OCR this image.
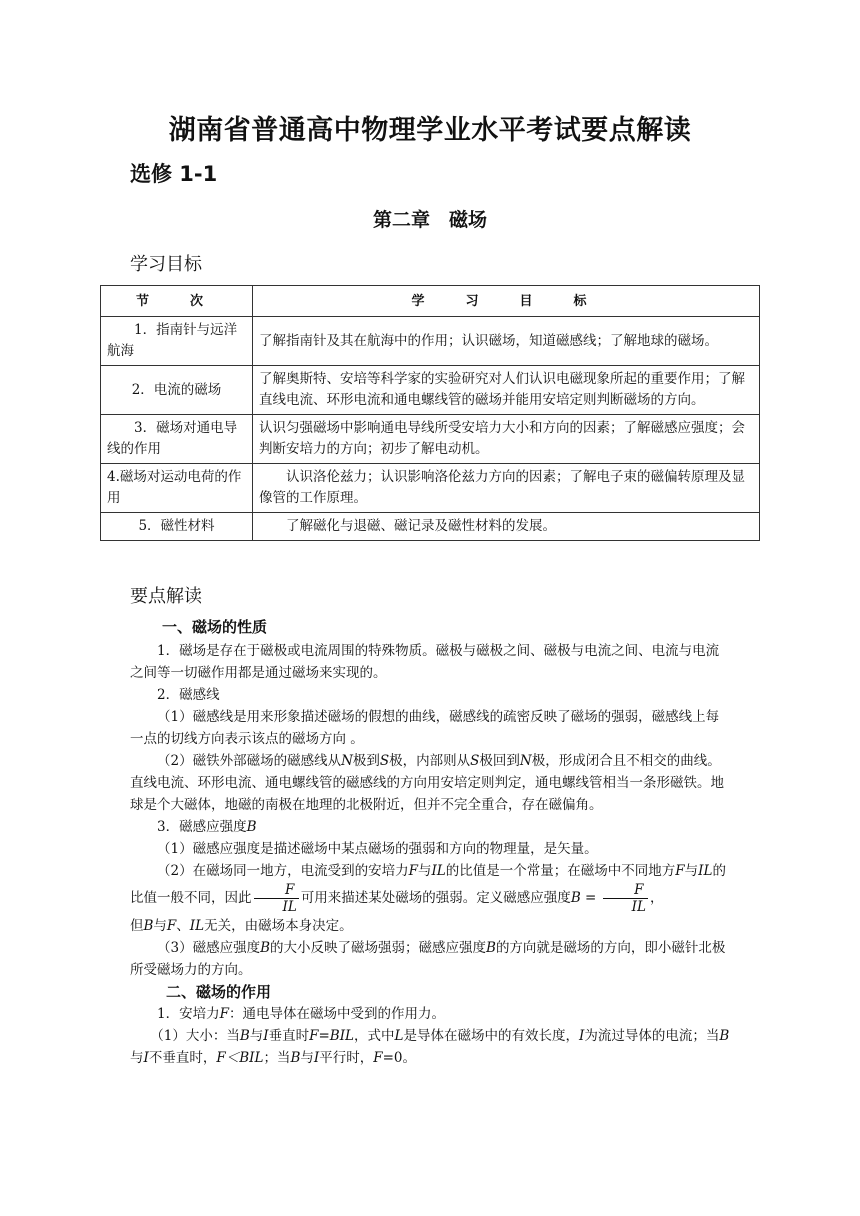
湖南省普通高中物理学业水平考试要点解读
选修 1-1
第二章　磁场
学习目标
节　次	学　习　目　标
1．指南针与远洋航海	了解指南针及其在航海中的作用；认识磁场，知道磁感线；了解地球的磁场。
2．电流的磁场	了解奥斯特、安培等科学家的实验研究对人们认识电磁现象所起的重要作用；了解直线电流、环形电流和通电螺线管的磁场并能用安培定则判断磁场的方向。
3．磁场对通电导线的作用	认识匀强磁场中影响通电导线所受安培力大小和方向的因素；了解磁感应强度；会判断安培力的方向；初步了解电动机。
4.磁场对运动电荷的作用	认识洛伦兹力；认识影响洛伦兹力方向的因素；了解电子束的磁偏转原理及显像管的工作原理。
5．磁性材料	了解磁化与退磁、磁记录及磁性材料的发展。
要点解读

一、磁场的性质

1．磁场是存在于磁极或电流周围的特殊物质。磁极与磁极之间、磁极与电流之间、电流与电流之间等一切磁作用都是通过磁场来实现的。

2．磁感线

（1）磁感线是用来形象描述磁场的假想的曲线，磁感线的疏密反映了磁场的强弱，磁感线上每一点的切线方向表示该点的磁场方向 。

（2）磁铁外部磁场的磁感线从N极到S极，内部则从S极回到N极，形成闭合且不相交的曲线。直线电流、环形电流、通电螺线管的磁感线的方向用安培定则判定，通电螺线管相当一条形磁铁。地球是个大磁体，地磁的南极在地理的北极附近，但并不完全重合，存在磁偏角。

3．磁感应强度B

（1）磁感应强度是描述磁场中某点磁场的强弱和方向的物理量，是矢量。

（2）在磁场同一地方，电流受到的安培力F与IL的比值是一个常量；在磁场中不同地方F与IL的比值一般不同，因此 $\frac{F}{IL}$ 可用来描述某处磁场的强弱。定义磁感应强度$B = \frac{F}{IL}$ ，

但B与F、IL无关，由磁场本身决定。

（3）磁感应强度B的大小反映了磁场强弱；磁感应强度B的方向就是磁场的方向，即小磁针北极所受磁场力的方向。

二、磁场的作用

1．安培力F：通电导体在磁场中受到的作用力。

（1）大小：当B与I垂直时F=BIL，式中L是导体在磁场中的有效长度，I为流过导体的电流；当B与I不垂直时，F＜BIL；当B与I平行时，F=0。
